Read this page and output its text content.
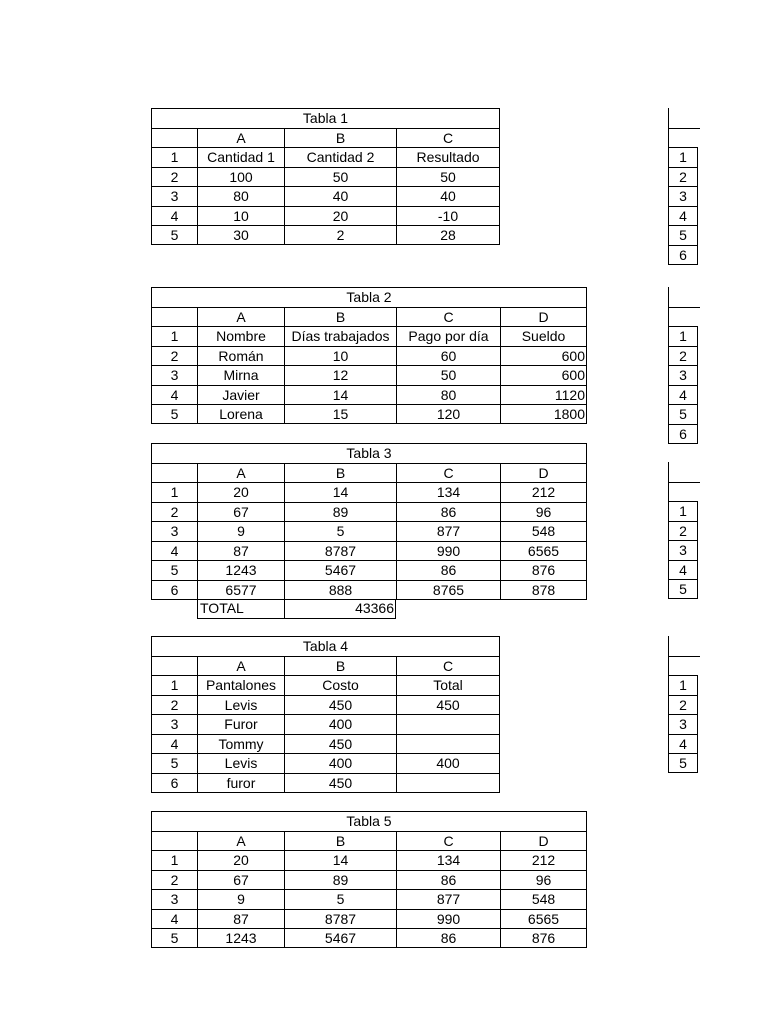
Tabla 1
A	B	C
1	Cantidad 1	Cantidad 2	Resultado
2	100	50	50
3	80	40	40
4	10	20	-10
5	30	2	28
Tabla 2
A	B	C	D
1	Nombre	Días trabajados	Pago por día	Sueldo
2	Román	10	60	600
3	Mirna	12	50	600
4	Javier	14	80	1120
5	Lorena	15	120	1800
Tabla 3
A	B	C	D
1	20	14	134	212
2	67	89	86	96
3	9	5	877	548
4	87	8787	990	6565
5	1243	5467	86	876
6	6577	888	8765	878
TOTAL	43366
Tabla 4
A	B	C
1	Pantalones	Costo	Total
2	Levis	450	450
3	Furor	400
4	Tommy	450
5	Levis	400	400
6	furor	450
Tabla 5
A	B	C	D
1	20	14	134	212
2	67	89	86	96
3	9	5	877	548
4	87	8787	990	6565
5	1243	5467	86	876
1
2
3
4
5
6
1
2
3
4
5
6
1
2
3
4
5
1
2
3
4
5
